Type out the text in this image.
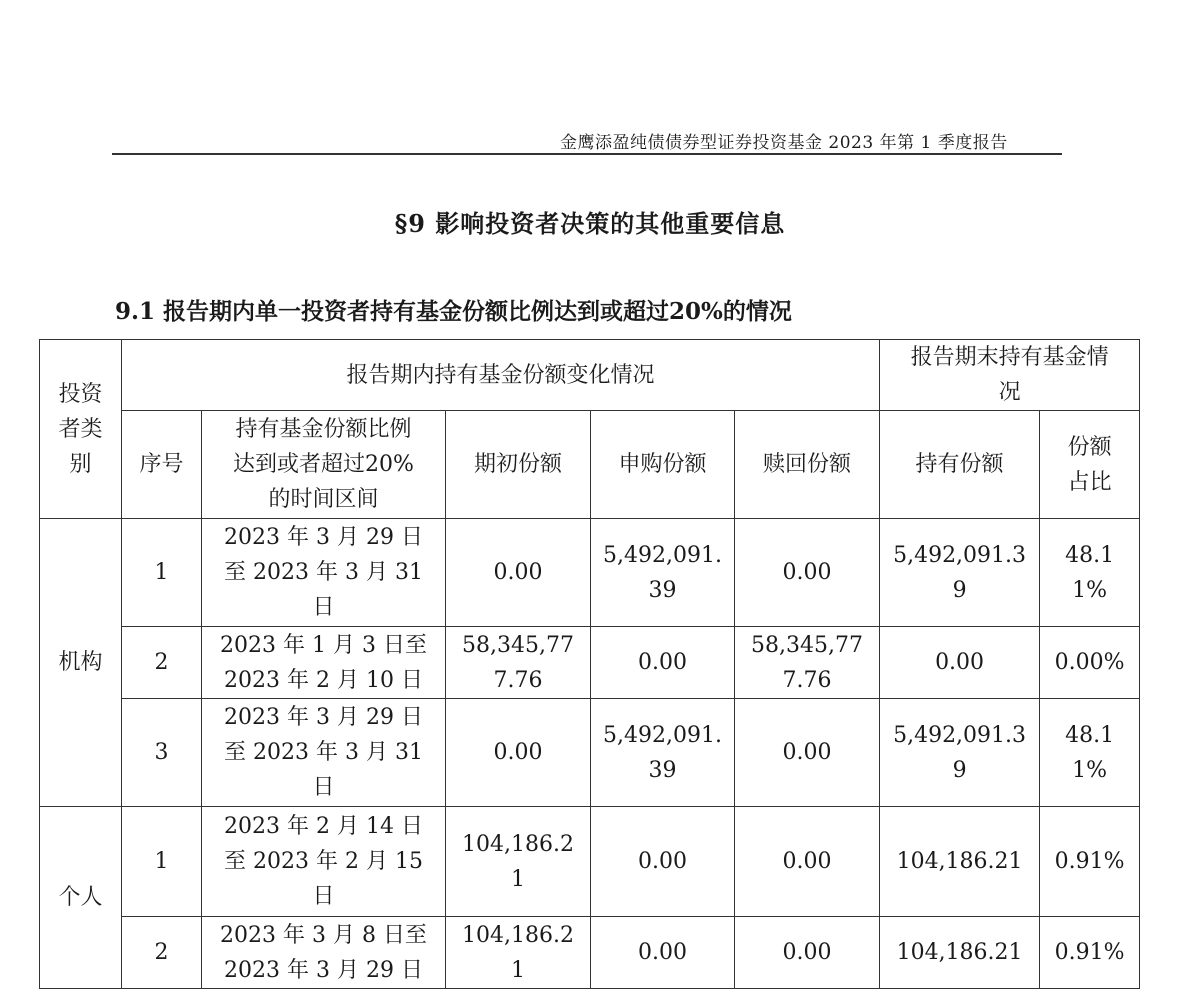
金鹰添盈纯债债券型证券投资基金 2023 年第 1 季度报告
§9 影响投资者决策的其他重要信息
9.1 报告期内单一投资者持有基金份额比例达到或超过20%的情况
投资者类别	报告期内持有基金份额变化情况					报告期末持有基金情况	

	序号	持有基金份额比例达到或者超过20%的时间区间	期初份额	申购份额	赎回份额	持有份额	份额占比
机构	1	2023 年 3 月 29 日至 2023 年 3 月 31 日	0.00	5,492,091.39	0.00	5,492,091.39	48.11%
	2	2023 年 1 月 3 日至 2023 年 2 月 10 日	58,345,777.76	0.00	58,345,777.76	0.00	0.00%
	3	2023 年 3 月 29 日至 2023 年 3 月 31 日	0.00	5,492,091.39	0.00	5,492,091.39	48.11%
个人	1	2023 年 2 月 14 日至 2023 年 2 月 15 日	104,186.21	0.00	0.00	104,186.21	0.91%
	2	2023 年 3 月 8 日至 2023 年 3 月 29 日	104,186.21	0.00	0.00	104,186.21	0.91%
